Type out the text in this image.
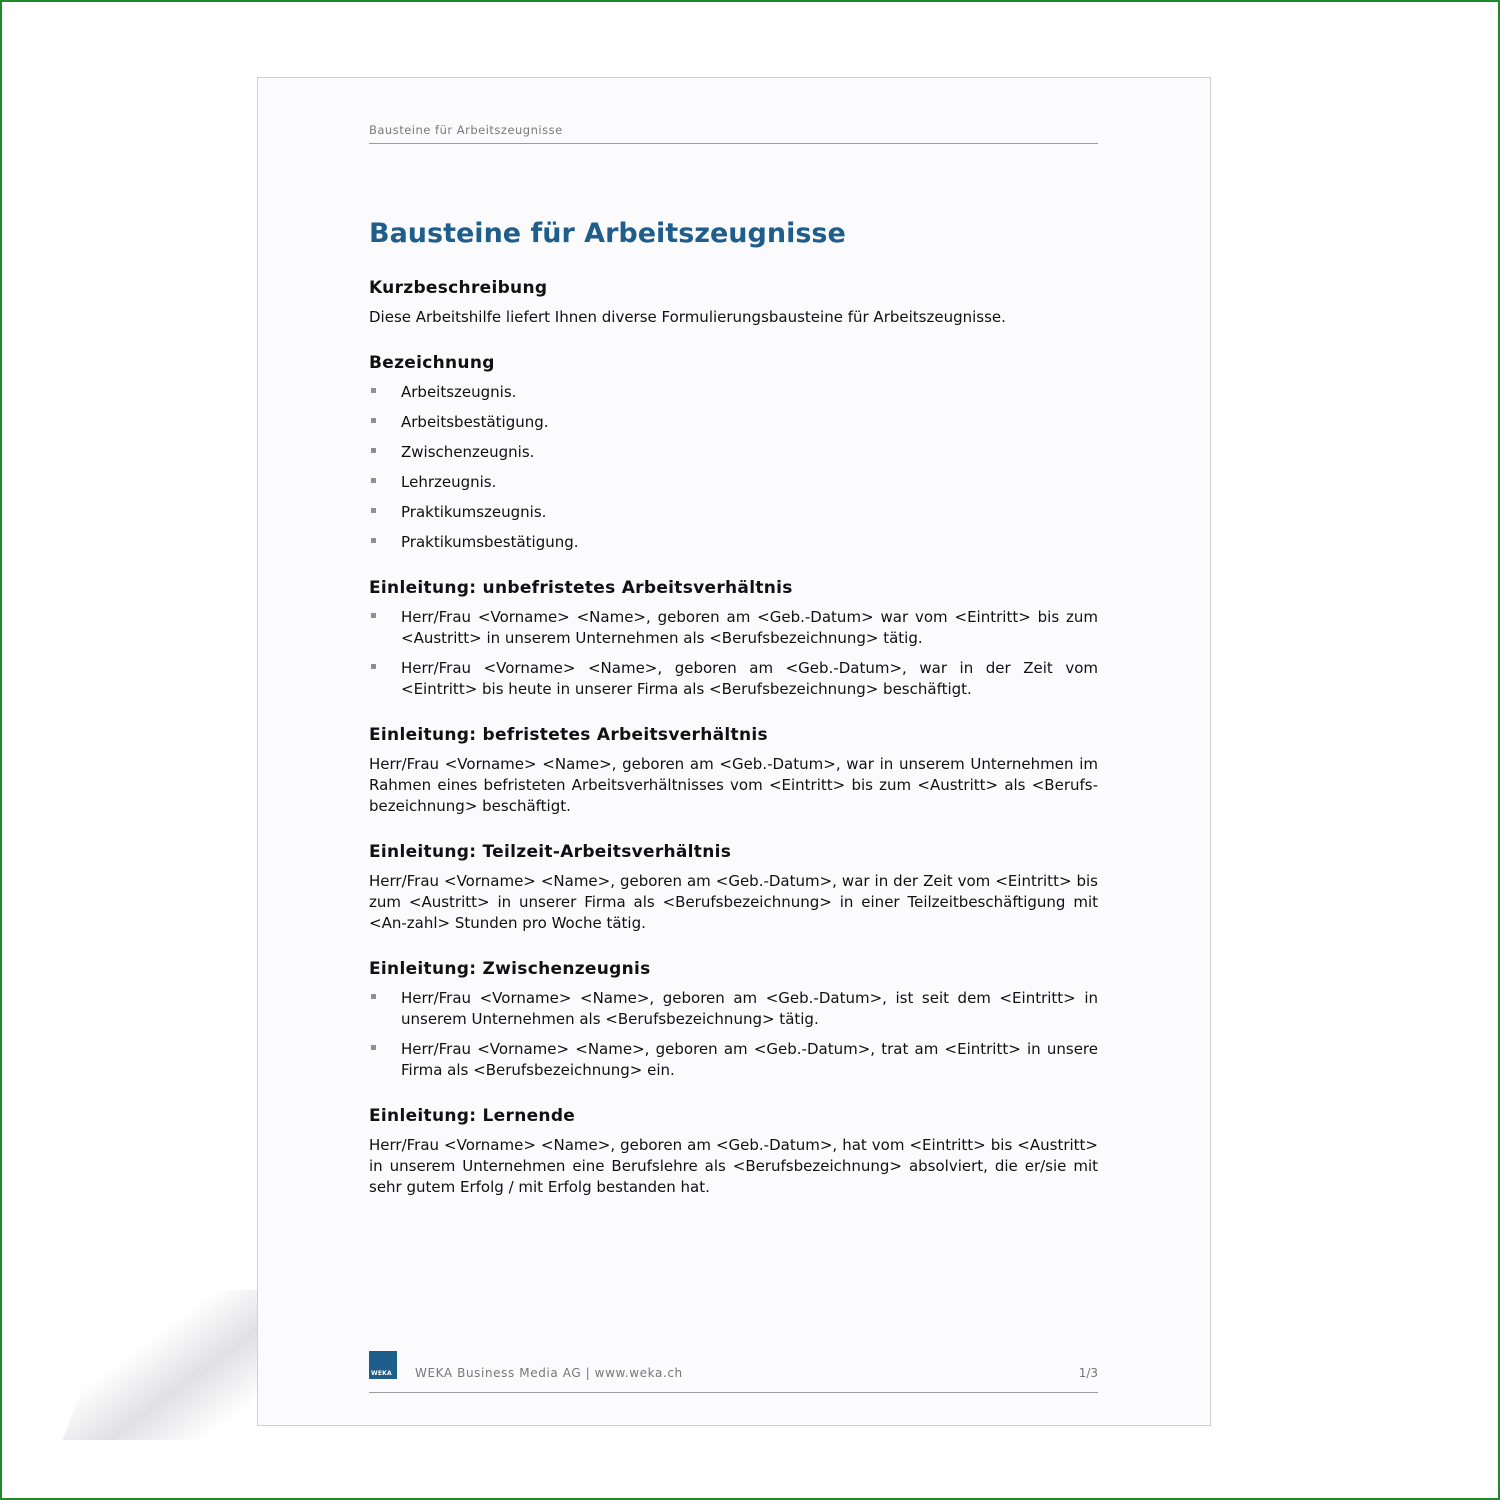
Bausteine für Arbeitszeugnisse
Bausteine für Arbeitszeugnisse
Kurzbeschreibung

Diese Arbeitshilfe liefert Ihnen diverse Formulierungsbausteine für Arbeitszeugnisse.

Bezeichnung
Arbeitszeugnis.
Arbeitsbestätigung.
Zwischenzeugnis.
Lehrzeugnis.
Praktikumszeugnis.
Praktikumsbestätigung.
Einleitung: unbefristetes Arbeitsverhältnis
Herr/Frau <Vorname> <Name>, geboren am <Geb.-Datum> war vom <Eintritt> bis zum <Austritt> in unserem Unternehmen als <Berufsbezeichnung> tätig.
Herr/Frau <Vorname> <Name>, geboren am <Geb.-Datum>, war in der Zeit vom <Eintritt> bis heute in unserer Firma als <Berufsbezeichnung> beschäftigt.
Einleitung: befristetes Arbeitsverhältnis

Herr/Frau <Vorname> <Name>, geboren am <Geb.-Datum>, war in unserem Unternehmen im Rahmen eines befristeten Arbeitsverhältnisses vom <Eintritt> bis zum <Austritt> als <Berufs-bezeichnung> beschäftigt.

Einleitung: Teilzeit-Arbeitsverhältnis

Herr/Frau <Vorname> <Name>, geboren am <Geb.-Datum>, war in der Zeit vom <Eintritt> bis zum <Austritt> in unserer Firma als <Berufsbezeichnung> in einer Teilzeitbeschäftigung mit <An-zahl> Stunden pro Woche tätig.

Einleitung: Zwischenzeugnis
Herr/Frau <Vorname> <Name>, geboren am <Geb.-Datum>, ist seit dem <Eintritt> in unserem Unternehmen als <Berufsbezeichnung> tätig.
Herr/Frau <Vorname> <Name>, geboren am <Geb.-Datum>, trat am <Eintritt> in unsere Firma als <Berufsbezeichnung> ein.
Einleitung: Lernende

Herr/Frau <Vorname> <Name>, geboren am <Geb.-Datum>, hat vom <Eintritt> bis <Austritt> in unserem Unternehmen eine Berufslehre als <Berufsbezeichnung> absolviert, die er/sie mit sehr gutem Erfolg / mit Erfolg bestanden hat.

WEKA WEKA Business Media AG | www.weka.ch	1/3
